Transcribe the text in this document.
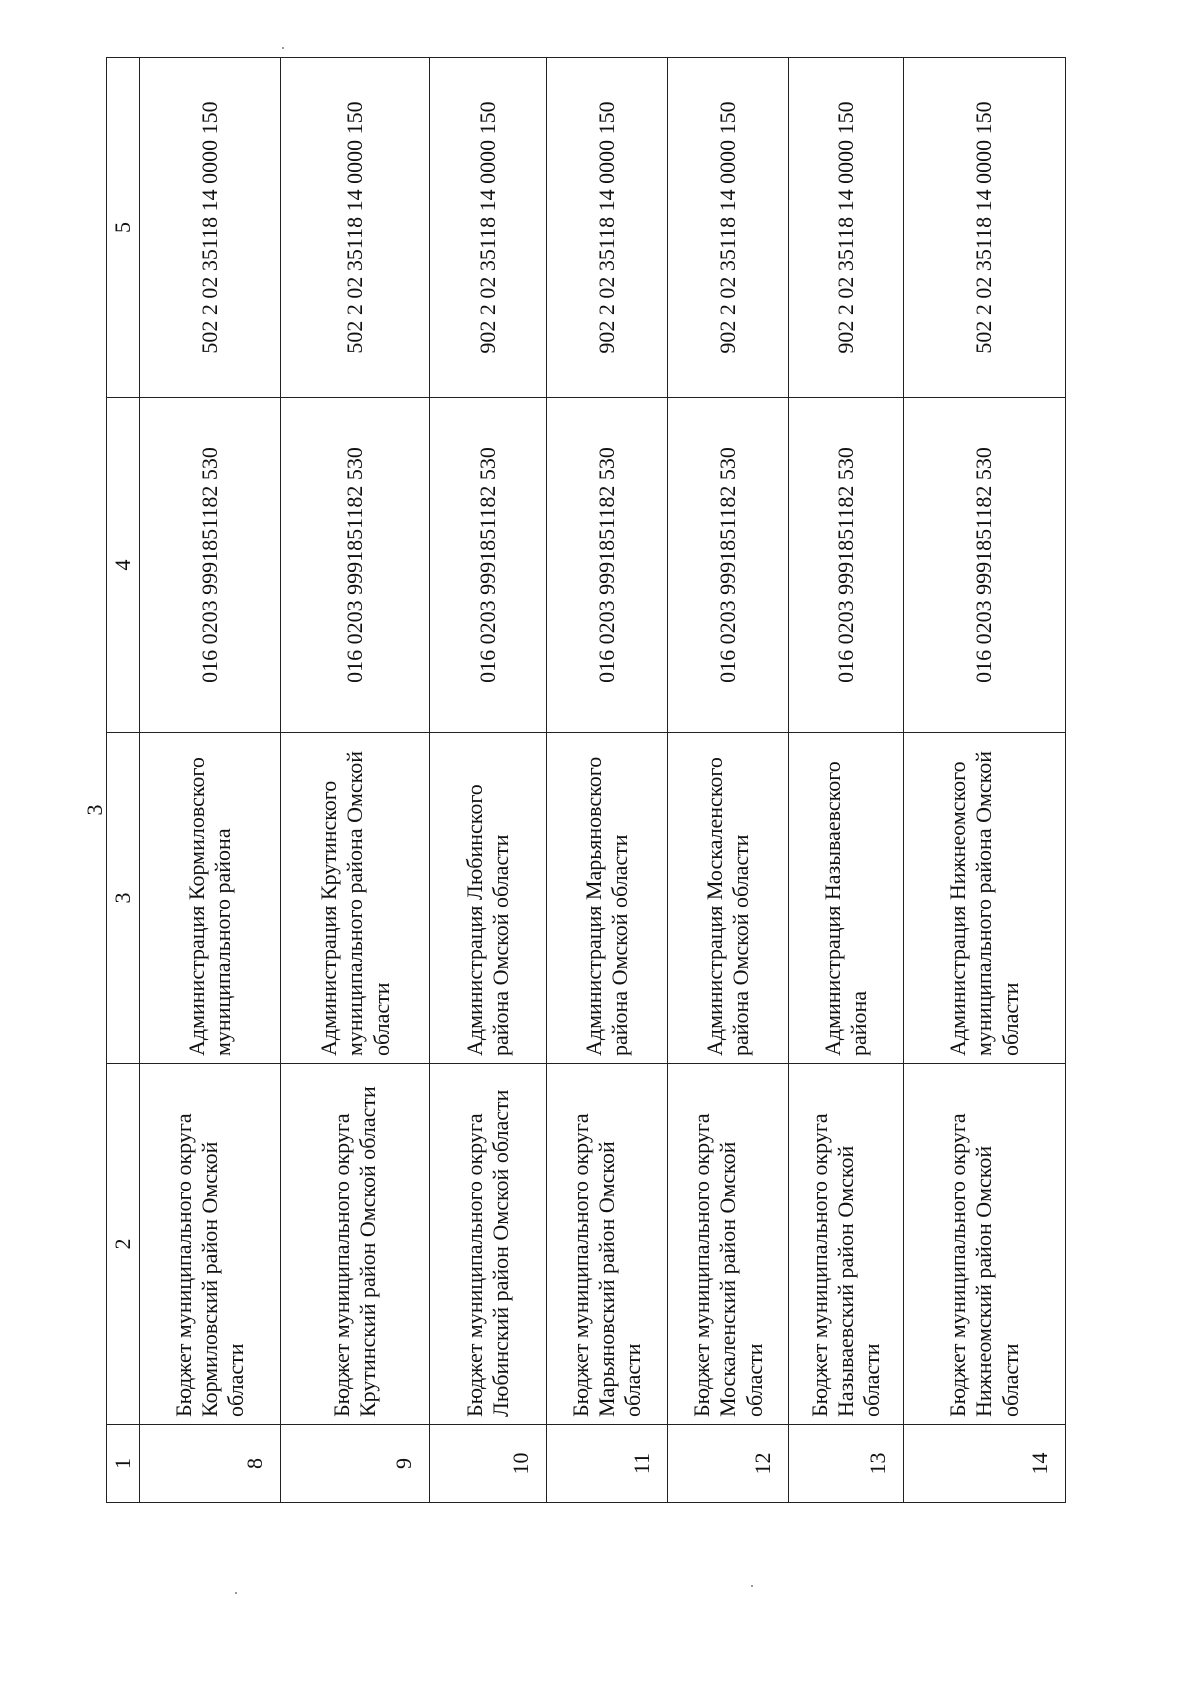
3
1	2	3	4	5
8	Бюджет муниципального округа Кормиловский район Омской области	Администрация Кормиловского муниципального района	016 0203 9991851182 530	502 2 02 35118 14 0000 150
9	Бюджет муниципального округа Крутинский район Омской области	Администрация Крутинского муниципального района Омской области	016 0203 9991851182 530	502 2 02 35118 14 0000 150
10	Бюджет муниципального округа Любинский район Омской области	Администрация Любинского района Омской области	016 0203 9991851182 530	902 2 02 35118 14 0000 150
11	Бюджет муниципального округа Марьяновский район Омской области	Администрация Марьяновского района Омской области	016 0203 9991851182 530	902 2 02 35118 14 0000 150
12	Бюджет муниципального округа Москаленский район Омской области	Администрация Москаленского района Омской области	016 0203 9991851182 530	902 2 02 35118 14 0000 150
13	Бюджет муниципального округа Называевский район Омской области	Администрация Называевского района	016 0203 9991851182 530	902 2 02 35118 14 0000 150
14	Бюджет муниципального округа Нижнеомский район Омской области	Администрация Нижнеомского муниципального района Омской области	016 0203 9991851182 530	502 2 02 35118 14 0000 150
